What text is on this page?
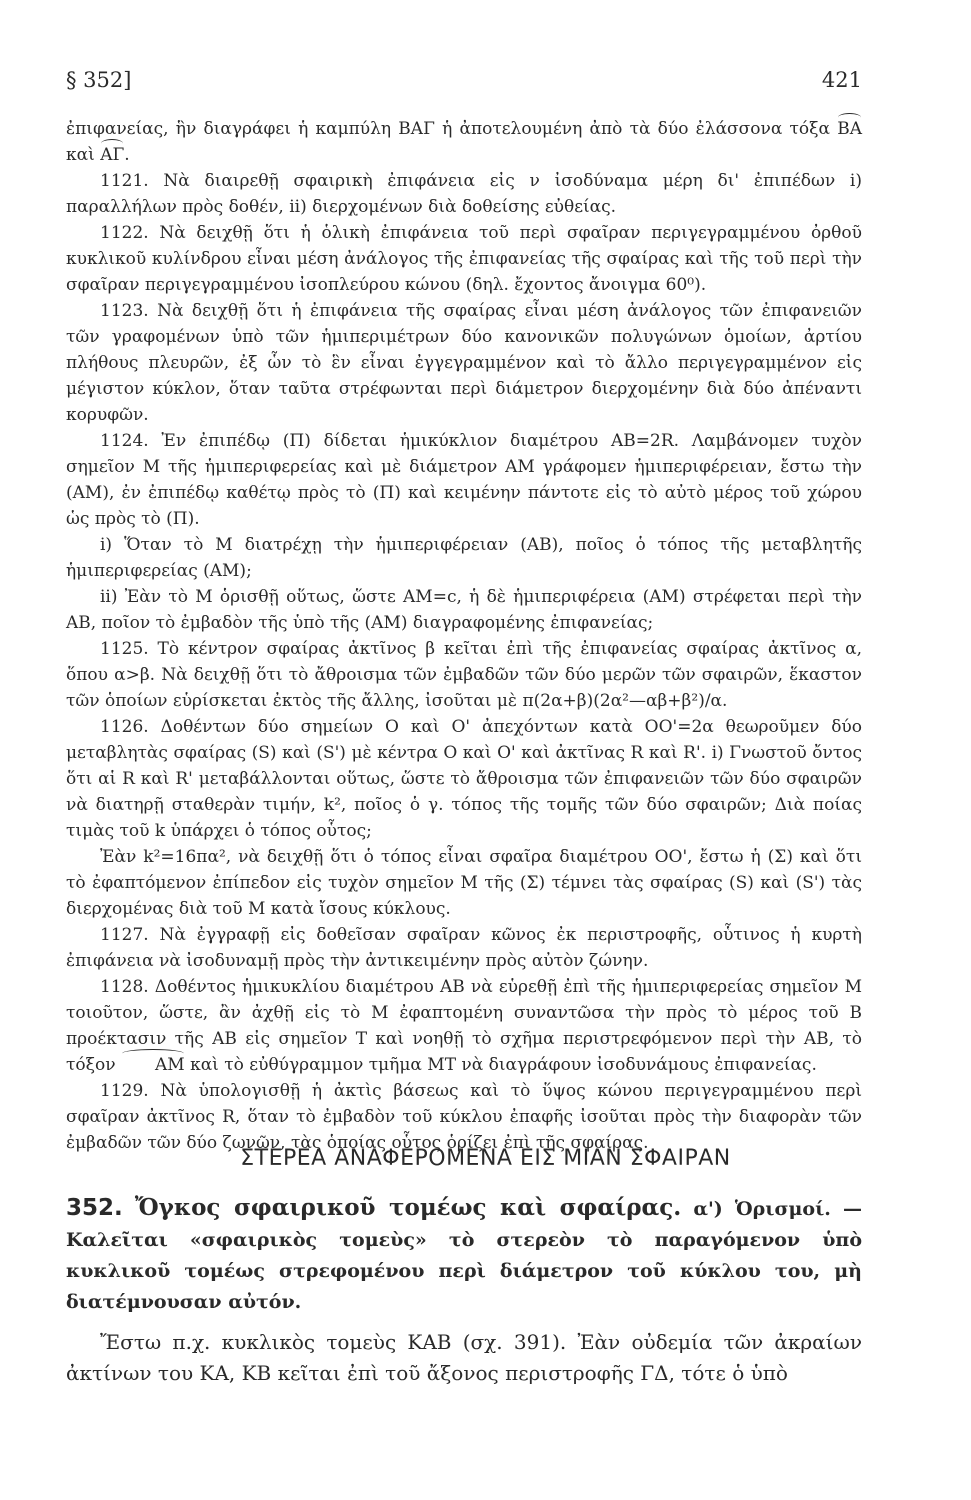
§ 352]	421

ἐπιφανείας, ἣν διαγράφει ἡ καμπύλη ΒΑΓ ἡ ἀποτελουμένη ἀπὸ τὰ δύο ἐλάσσονα τόξα ΒΑ καὶ ΑΓ.

1121. Νὰ διαιρεθῇ σφαιρικὴ ἐπιφάνεια εἰς ν ἰσοδύναμα μέρη δι' ἐπιπέδων i) παραλλήλων πρὸς δοθέν, ii) διερχομένων διὰ δοθείσης εὐθείας.

1122. Νὰ δειχθῇ ὅτι ἡ ὁλικὴ ἐπιφάνεια τοῦ περὶ σφαῖραν περιγεγραμμένου ὀρθοῦ κυκλικοῦ κυλίνδρου εἶναι μέση ἀνάλογος τῆς ἐπιφανείας τῆς σφαίρας καὶ τῆς τοῦ περὶ τὴν σφαῖραν περιγεγραμμένου ἰσοπλεύρου κώνου (δηλ. ἔχοντος ἄνοιγμα 60⁰).

1123. Νὰ δειχθῇ ὅτι ἡ ἐπιφάνεια τῆς σφαίρας εἶναι μέση ἀνάλογος τῶν ἐπιφανειῶν τῶν γραφομένων ὑπὸ τῶν ἡμιπεριμέτρων δύο κανονικῶν πολυγώνων ὁμοίων, ἀρτίου πλήθους πλευρῶν, ἐξ ὧν τὸ ἓν εἶναι ἐγγεγραμμένον καὶ τὸ ἄλλο περιγεγραμμένον εἰς μέγιστον κύκλον, ὅταν ταῦτα στρέφωνται περὶ διάμετρον διερχομένην διὰ δύο ἀπέναντι κορυφῶν.

1124. Ἐν ἐπιπέδῳ (Π) δίδεται ἡμικύκλιον διαμέτρου ΑΒ=2R. Λαμβάνομεν τυχὸν σημεῖον Μ τῆς ἡμιπεριφερείας καὶ μὲ διάμετρον ΑΜ γράφομεν ἡμιπεριφέρειαν, ἔστω τὴν (ΑΜ), ἐν ἐπιπέδῳ καθέτῳ πρὸς τὸ (Π) καὶ κειμένην πάντοτε εἰς τὸ αὐτὸ μέρος τοῦ χώρου ὡς πρὸς τὸ (Π).

i) Ὅταν τὸ Μ διατρέχῃ τὴν ἡμιπεριφέρειαν (ΑΒ), ποῖος ὁ τόπος τῆς μεταβλητῆς ἡμιπεριφερείας (ΑΜ);

ii) Ἐὰν τὸ Μ ὁρισθῇ οὕτως, ὥστε ΑΜ=c, ἡ δὲ ἡμιπεριφέρεια (ΑΜ) στρέφεται περὶ τὴν ΑΒ, ποῖον τὸ ἐμβαδὸν τῆς ὑπὸ τῆς (ΑΜ) διαγραφομένης ἐπιφανείας;

1125. Τὸ κέντρον σφαίρας ἀκτῖνος β κεῖται ἐπὶ τῆς ἐπιφανείας σφαίρας ἀκτῖνος α, ὅπου α>β. Νὰ δειχθῇ ὅτι τὸ ἄθροισμα τῶν ἐμβαδῶν τῶν δύο μερῶν τῶν σφαιρῶν, ἕκαστον τῶν ὁποίων εὑρίσκεται ἐκτὸς τῆς ἄλλης, ἰσοῦται μὲ π(2α+β)(2α²—αβ+β²)/α.

1126. Δοθέντων δύο σημείων Ο καὶ Ο' ἀπεχόντων κατὰ ΟΟ'=2α θεωροῦμεν δύο μεταβλητὰς σφαίρας (S) καὶ (S') μὲ κέντρα Ο καὶ Ο' καὶ ἀκτῖνας R καὶ R'. i) Γνωστοῦ ὄντος ὅτι αἱ R καὶ R' μεταβάλλονται οὕτως, ὥστε τὸ ἄθροισμα τῶν ἐπιφανειῶν τῶν δύο σφαιρῶν νὰ διατηρῇ σταθερὰν τιμήν, k², ποῖος ὁ γ. τόπος τῆς τομῆς τῶν δύο σφαιρῶν; Διὰ ποίας τιμὰς τοῦ k ὑπάρχει ὁ τόπος οὗτος;

Ἐὰν k²=16πα², νὰ δειχθῇ ὅτι ὁ τόπος εἶναι σφαῖρα διαμέτρου ΟΟ', ἔστω ἡ (Σ) καὶ ὅτι τὸ ἐφαπτόμενον ἐπίπεδον εἰς τυχὸν σημεῖον Μ τῆς (Σ) τέμνει τὰς σφαίρας (S) καὶ (S') τὰς διερχομένας διὰ τοῦ Μ κατὰ ἴσους κύκλους.

1127. Νὰ ἐγγραφῇ εἰς δοθεῖσαν σφαῖραν κῶνος ἐκ περιστροφῆς, οὗτινος ἡ κυρτὴ ἐπιφάνεια νὰ ἰσοδυναμῇ πρὸς τὴν ἀντικειμένην πρὸς αὐτὸν ζώνην.

1128. Δοθέντος ἡμικυκλίου διαμέτρου ΑΒ νὰ εὑρεθῇ ἐπὶ τῆς ἡμιπεριφερείας σημεῖον Μ τοιοῦτον, ὥστε, ἂν ἀχθῇ εἰς τὸ Μ ἐφαπτομένη συναντῶσα τὴν πρὸς τὸ μέρος τοῦ Β προέκτασιν τῆς ΑΒ εἰς σημεῖον Τ καὶ νοηθῇ τὸ σχῆμα περιστρεφόμενον περὶ τὴν ΑΒ, τὸ τόξον ΑΜ καὶ τὸ εὐθύγραμμον τμῆμα ΜΤ νὰ διαγράφουν ἰσοδυνάμους ἐπιφανείας.

1129. Νὰ ὑπολογισθῇ ἡ ἀκτὶς βάσεως καὶ τὸ ὕψος κώνου περιγεγραμμένου περὶ σφαῖραν ἀκτῖνος R, ὅταν τὸ ἐμβαδὸν τοῦ κύκλου ἐπαφῆς ἰσοῦται πρὸς τὴν διαφορὰν τῶν ἐμβαδῶν τῶν δύο ζωνῶν, τὰς ὁποίας οὗτος ὁρίζει ἐπὶ τῆς σφαίρας.

ΣΤΕΡΕΑ ΑΝΑΦΕΡΟΜΕΝΑ ΕΙΣ ΜΙΑΝ ΣΦΑΙΡΑΝ

352. Ὄγκος σφαιρικοῦ τομέως καὶ σφαίρας. α') Ὁρισμοί. — Καλεῖται «σφαιρικὸς τομεὺς» τὸ στερεὸν τὸ παραγόμενον ὑπὸ κυκλικοῦ τομέως στρεφομένου περὶ διάμετρον τοῦ κύκλου του, μὴ διατέμνουσαν αὐτόν.

Ἔστω π.χ. κυκλικὸς τομεὺς ΚΑΒ (σχ. 391). Ἐὰν οὐδεμία τῶν ἀκραίων ἀκτίνων του ΚΑ, ΚΒ κεῖται ἐπὶ τοῦ ἄξονος περιστροφῆς ΓΔ, τότε ὁ ὑπὸ
